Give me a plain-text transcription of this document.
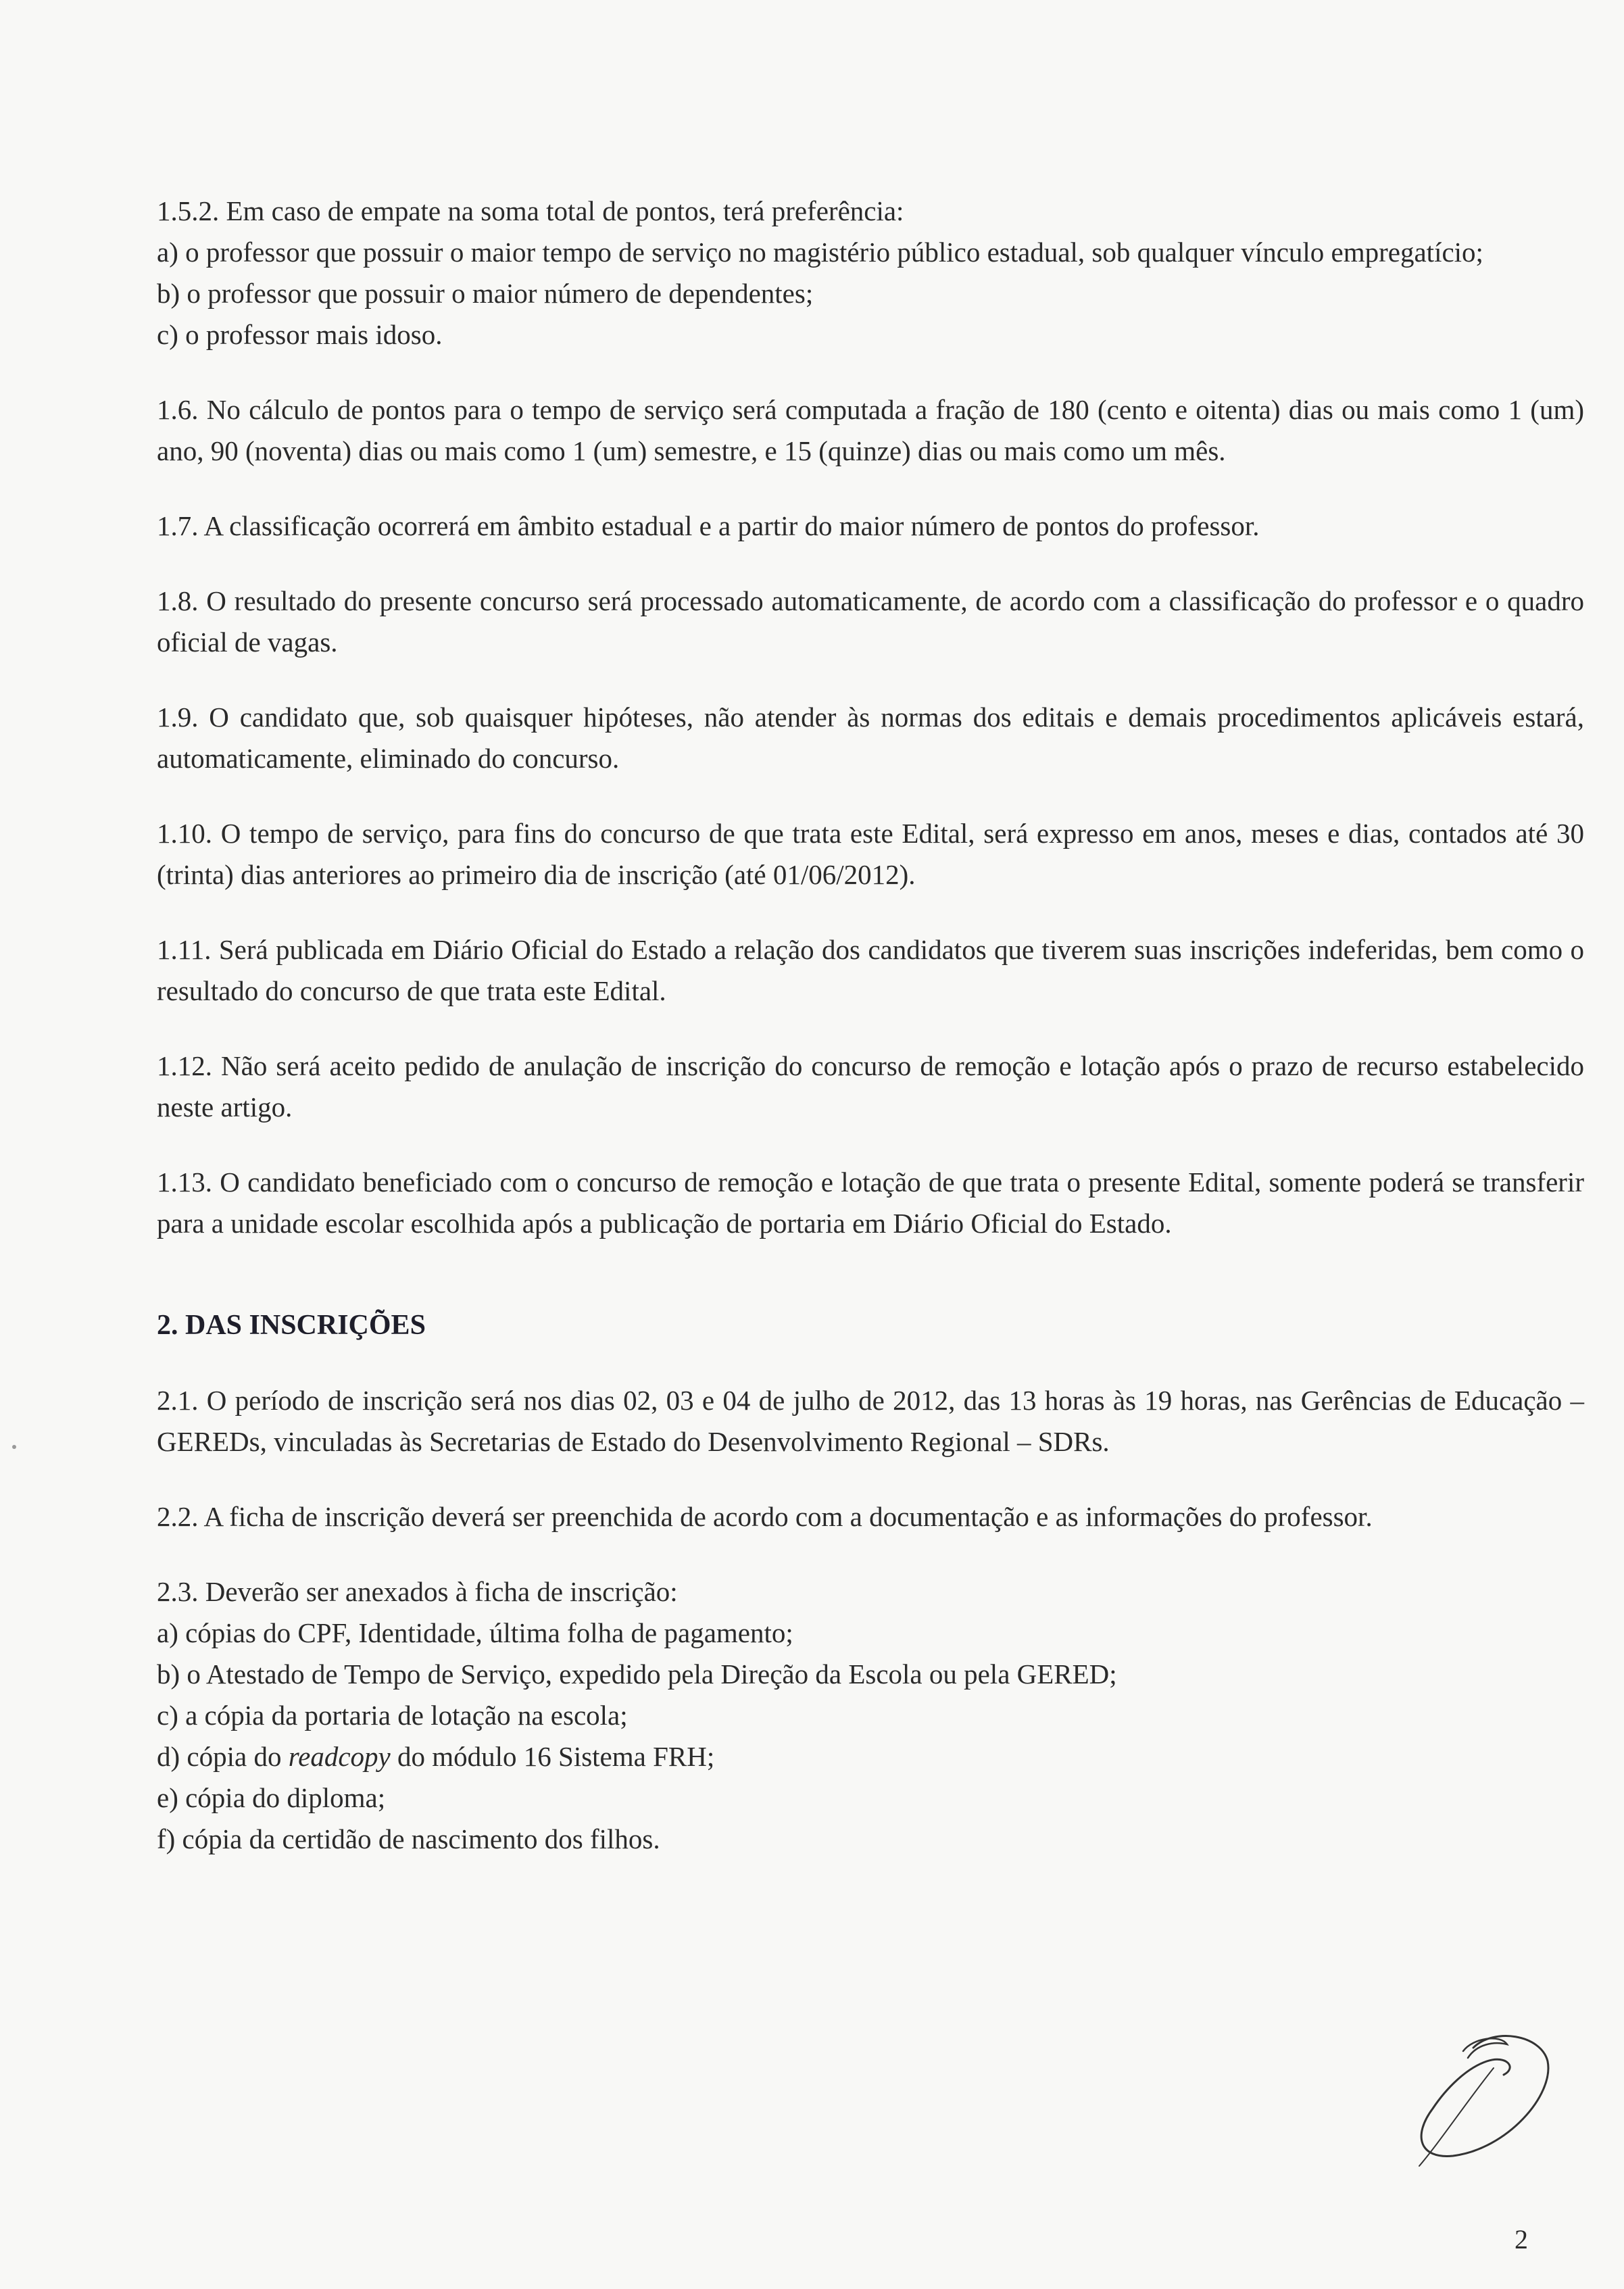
1.5.2. Em caso de empate na soma total de pontos, terá preferência:
a) o professor que possuir o maior tempo de serviço no magistério público estadual, sob qualquer vínculo empregatício;
b) o professor que possuir o maior número de dependentes;
c) o professor mais idoso.

1.6. No cálculo de pontos para o tempo de serviço será computada a fração de 180 (cento e oitenta) dias ou mais como 1 (um) ano, 90 (noventa) dias ou mais como 1 (um) semestre, e 15 (quinze) dias ou mais como um mês.

1.7. A classificação ocorrerá em âmbito estadual e a partir do maior número de pontos do professor.

1.8. O resultado do presente concurso será processado automaticamente, de acordo com a classificação do professor e o quadro oficial de vagas.

1.9. O candidato que, sob quaisquer hipóteses, não atender às normas dos editais e demais procedimentos aplicáveis estará, automaticamente, eliminado do concurso.

1.10. O tempo de serviço, para fins do concurso de que trata este Edital, será expresso em anos, meses e dias, contados até 30 (trinta) dias anteriores ao primeiro dia de inscrição (até 01/06/2012).

1.11. Será publicada em Diário Oficial do Estado a relação dos candidatos que tiverem suas inscrições indeferidas, bem como o resultado do concurso de que trata este Edital.

1.12. Não será aceito pedido de anulação de inscrição do concurso de remoção e lotação após o prazo de recurso estabelecido neste artigo.

1.13. O candidato beneficiado com o concurso de remoção e lotação de que trata o presente Edital, somente poderá se transferir para a unidade escolar escolhida após a publicação de portaria em Diário Oficial do Estado.

2. DAS INSCRIÇÕES

2.1. O período de inscrição será nos dias 02, 03 e 04 de julho de 2012, das 13 horas às 19 horas, nas Gerências de Educação – GEREDs, vinculadas às Secretarias de Estado do Desenvolvimento Regional – SDRs.

2.2. A ficha de inscrição deverá ser preenchida de acordo com a documentação e as informações do professor.

2.3. Deverão ser anexados à ficha de inscrição:
a) cópias do CPF, Identidade, última folha de pagamento;
b) o Atestado de Tempo de Serviço, expedido pela Direção da Escola ou pela GERED;
c) a cópia da portaria de lotação na escola;
d) cópia do readcopy do módulo 16 Sistema FRH;
e) cópia do diploma;
f) cópia da certidão de nascimento dos filhos.
2
